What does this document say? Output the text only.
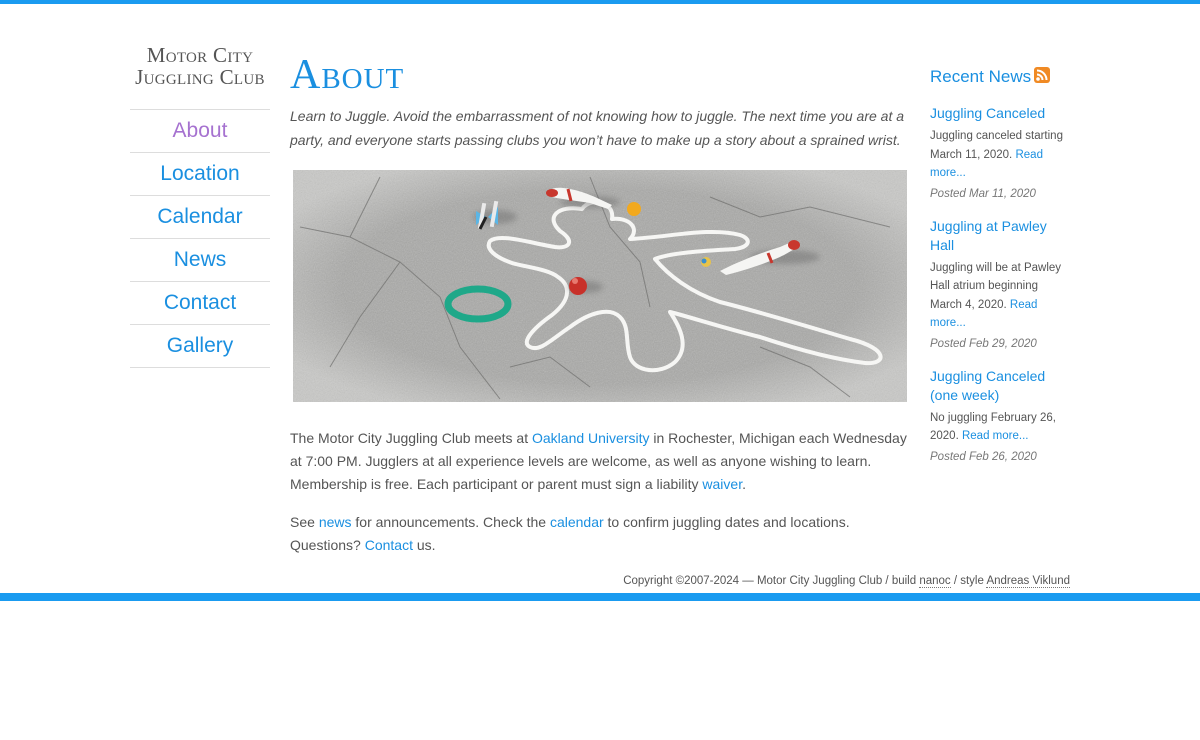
Motor City
Juggling Club
About
Location
Calendar
News
Contact
Gallery
About

Learn to Juggle. Avoid the embarrassment of not knowing how to juggle. The next time you are at a party, and everyone starts passing clubs you won’t have to make up a story about a sprained wrist.

The Motor City Juggling Club meets at Oakland University in Rochester, Michigan each Wednesday at 7:00 PM. Jugglers at all experience levels are welcome, as well as anyone wishing to learn. Membership is free. Each participant or parent must sign a liability waiver.

See news for announcements. Check the calendar to confirm juggling dates and locations. Questions? Contact us.

Recent News
Juggling Canceled

Juggling canceled starting March 11, 2020. Read more...

Posted Mar 11, 2020
Juggling at Pawley Hall

Juggling will be at Pawley Hall atrium beginning March 4, 2020. Read more...

Posted Feb 29, 2020
Juggling Canceled (one week)

No juggling February 26, 2020. Read more...

Posted Feb 26, 2020
Copyright ©2007-2024 — Motor City Juggling Club / build nanoc / style Andreas Viklund
